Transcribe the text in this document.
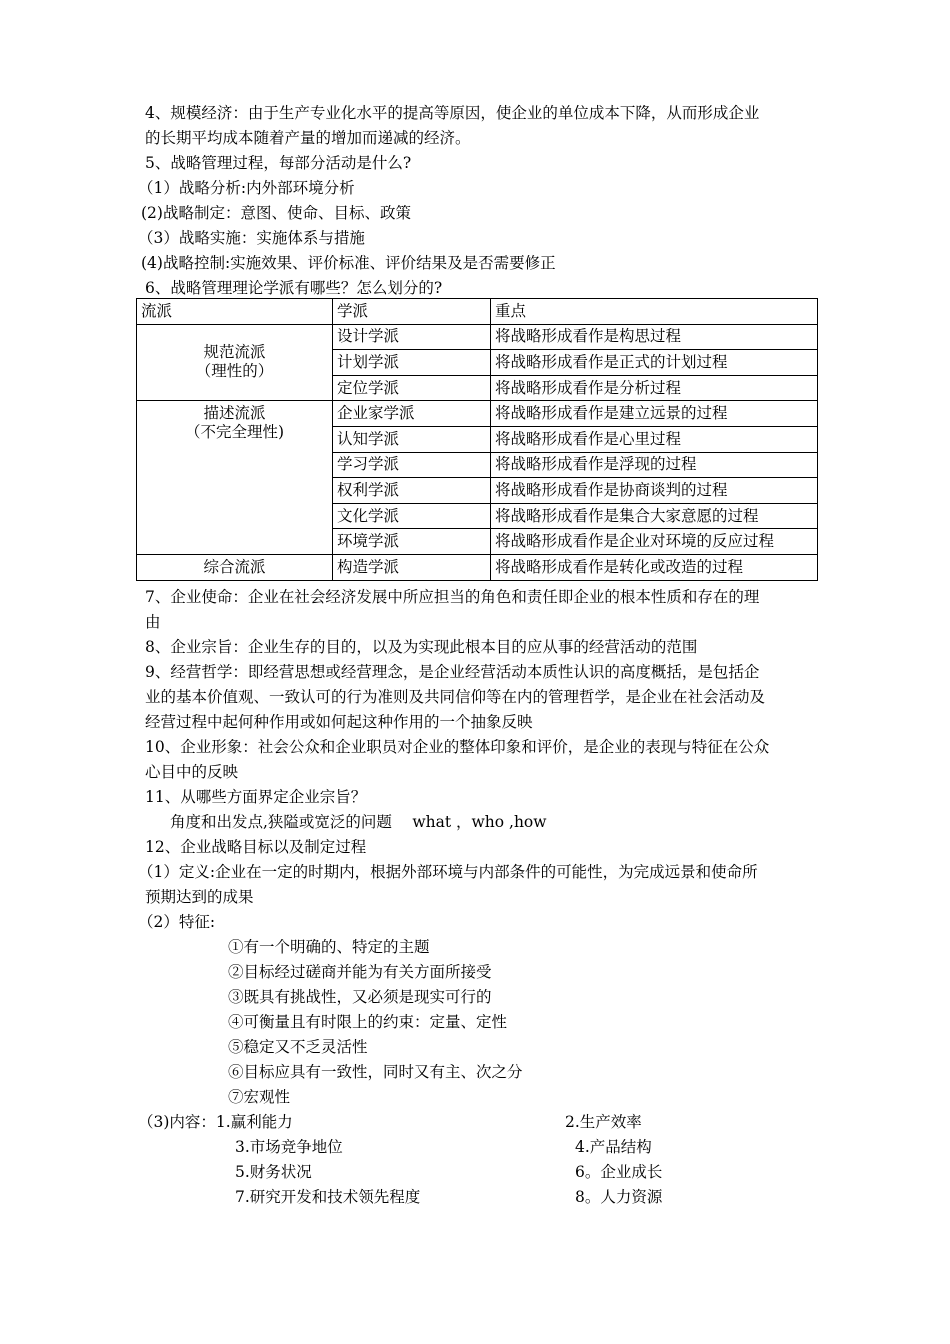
4、规模经济：由于生产专业化水平的提高等原因，使企业的单位成本下降，从而形成企业
的长期平均成本随着产量的增加而递减的经济。
5、战略管理过程，每部分活动是什么?
（1）战略分析:内外部环境分析
(2)战略制定：意图、使命、目标、政策
（3）战略实施：实施体系与措施
(4)战略控制:实施效果、评价标准、评价结果及是否需要修正
6、战略管理理论学派有哪些？怎么划分的?
流派	学派	重点

规范流派
（理性的）	设计学派	将战略形成看作是构思过程
	计划学派	将战略形成看作是正式的计划过程
	定位学派	将战略形成看作是分析过程

描述流派
（不完全理性)	企业家学派	将战略形成看作是建立远景的过程
	认知学派	将战略形成看作是心里过程
	学习学派	将战略形成看作是浮现的过程
	权利学派	将战略形成看作是协商谈判的过程
	文化学派	将战略形成看作是集合大家意愿的过程
	环境学派	将战略形成看作是企业对环境的反应过程

综合流派	构造学派	将战略形成看作是转化或改造的过程
7、企业使命：企业在社会经济发展中所应担当的角色和责任即企业的根本性质和存在的理
由
8、企业宗旨：企业生存的目的，以及为实现此根本目的应从事的经营活动的范围
9、经营哲学：即经营思想或经营理念，是企业经营活动本质性认识的高度概括，是包括企
业的基本价值观、一致认可的行为准则及共同信仰等在内的管理哲学，是企业在社会活动及
经营过程中起何种作用或如何起这种作用的一个抽象反映
10、企业形象：社会公众和企业职员对企业的整体印象和评价，是企业的表现与特征在公众
心目中的反映
11、从哪些方面界定企业宗旨？
角度和出发点,狭隘或宽泛的问题　 what ，who ,how
12、企业战略目标以及制定过程
（1）定义:企业在一定的时期内，根据外部环境与内部条件的可能性，为完成远景和使命所
预期达到的成果
（2）特征:
①有一个明确的、特定的主题
②目标经过磋商并能为有关方面所接受
③既具有挑战性，又必须是现实可行的
④可衡量且有时限上的约束：定量、定性
⑤稳定又不乏灵活性
⑥目标应具有一致性，同时又有主、次之分
⑦宏观性
（3)内容：1.赢利能力	2.生产效率
3.市场竞争地位	4.产品结构
5.财务状况	6。企业成长
7.研究开发和技术领先程度	8。人力资源
